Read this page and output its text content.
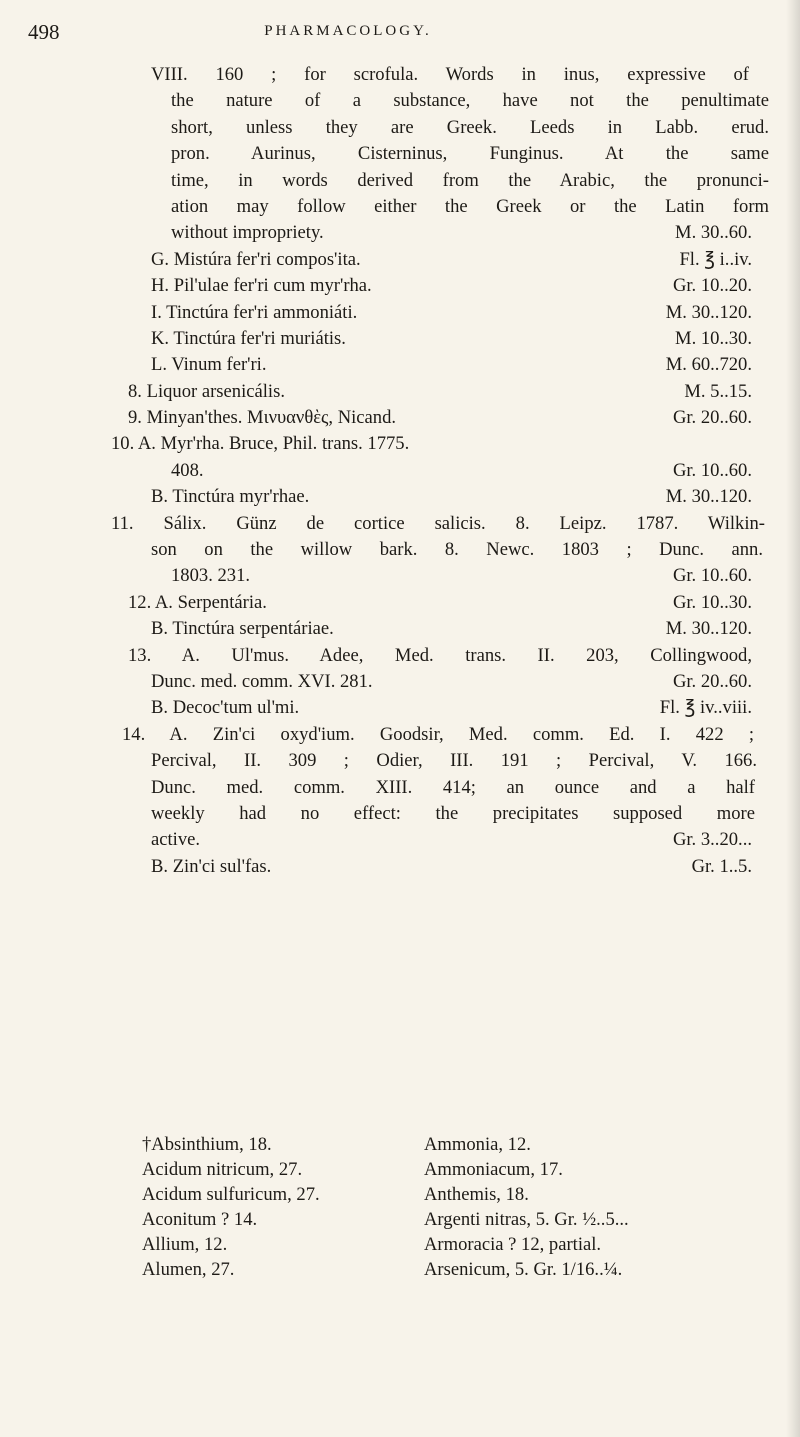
498	PHARMACOLOGY.
VIII. 160 ; for scrofula. Words in inus, expressive of
the nature of a substance, have not the penultimate
short, unless they are Greek. Leeds in Labb. erud.
pron. Aurinus, Cisterninus, Funginus. At the same
time, in words derived from the Arabic, the pronunci-
ation may follow either the Greek or the Latin form
without impropriety.	M. 30..60.
G. Mistúra fer'ri compos'ita.	Fl. ℥ i..iv.
H. Pil'ulae fer'ri cum myr'rha.	Gr. 10..20.
I. Tinctúra fer'ri ammoniáti.	M. 30..120.
K. Tinctúra fer'ri muriátis.	M. 10..30.
L. Vinum fer'ri.	M. 60..720.
8. Liquor arsenicális.	M. 5..15.
9. Minyan'thes. Μινυανθὲς, Nicand.	Gr. 20..60.
10. A. Myr'rha. Bruce, Phil. trans. 1775.
408.	Gr. 10..60.
B. Tinctúra myr'rhae.	M. 30..120.
11. Sálix. Günz de cortice salicis. 8. Leipz. 1787. Wilkin-
son on the willow bark. 8. Newc. 1803 ; Dunc. ann.
1803. 231.	Gr. 10..60.
12. A. Serpentária.	Gr. 10..30.
B. Tinctúra serpentáriae.	M. 30..120.
13. A. Ul'mus. Adee, Med. trans. II. 203, Collingwood,
Dunc. med. comm. XVI. 281.	Gr. 20..60.
B. Decoc'tum ul'mi.	Fl. ℥ iv..viii.
14. A. Zin'ci oxyd'ium. Goodsir, Med. comm. Ed. I. 422 ;
Percival, II. 309 ; Odier, III. 191 ; Percival, V. 166.
Dunc. med. comm. XIII. 414; an ounce and a half
weekly had no effect: the precipitates supposed more
active.	Gr. 3..20...
B. Zin'ci sul'fas.	Gr. 1..5.
†Absinthium, 18.
Acidum nitricum, 27.
Acidum sulfuricum, 27.
Aconitum ? 14.
Allium, 12.
Alumen, 27.
Ammonia, 12.
Ammoniacum, 17.
Anthemis, 18.
Argenti nitras, 5. Gr. ½..5...
Armoracia ? 12, partial.
Arsenicum, 5. Gr. 1/16..¼.
